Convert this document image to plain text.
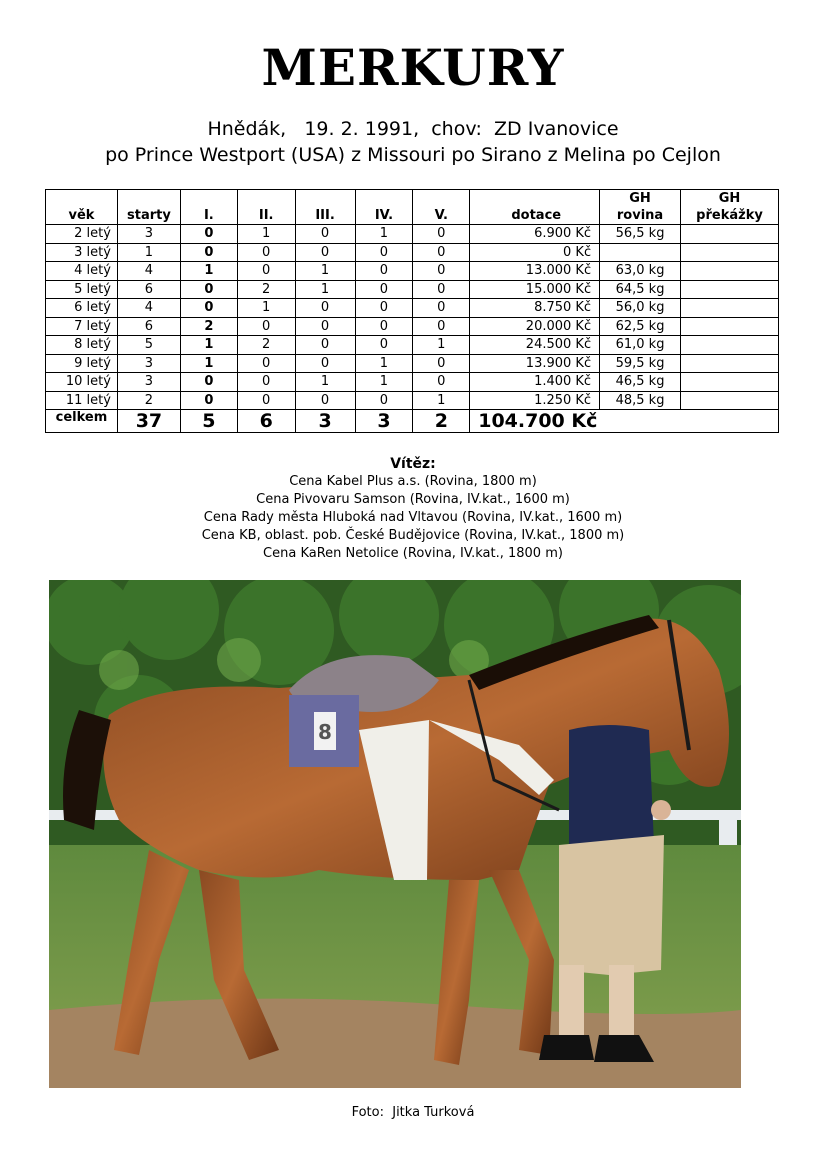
MERKURY
Hnědák,   19. 2. 1991,  chov:  ZD Ivanovice
po Prince Westport (USA) z Missouri po Sirano z Melina po Cejlon
věk	starty	I.	II.	III.	IV.	V.	dotace	GH rovina	GH překážky
2 letý	3	0	1	0	1	0	6.900 Kč	56,5 kg	
3 letý	1	0	0	0	0	0	0 Kč		
4 letý	4	1	0	1	0	0	13.000 Kč	63,0 kg	
5 letý	6	0	2	1	0	0	15.000 Kč	64,5 kg	
6 letý	4	0	1	0	0	0	8.750 Kč	56,0 kg	
7 letý	6	2	0	0	0	0	20.000 Kč	62,5 kg	
8 letý	5	1	2	0	0	1	24.500 Kč	61,0 kg	
9 letý	3	1	0	0	1	0	13.900 Kč	59,5 kg	
10 letý	3	0	0	1	1	0	1.400 Kč	46,5 kg	
11 letý	2	0	0	0	0	1	1.250 Kč	48,5 kg	
celkem	37	5	6	3	3	2	104.700 Kč		
Vítěz:
Cena Kabel Plus a.s. (Rovina, 1800 m)
Cena Pivovaru Samson (Rovina, IV.kat., 1600 m)
Cena Rady města Hluboká nad Vltavou (Rovina, IV.kat., 1600 m)
Cena KB, oblast. pob. České Budějovice (Rovina, IV.kat., 1800 m)
Cena KaRen Netolice (Rovina, IV.kat., 1800 m)
8
Foto:  Jitka Turková
